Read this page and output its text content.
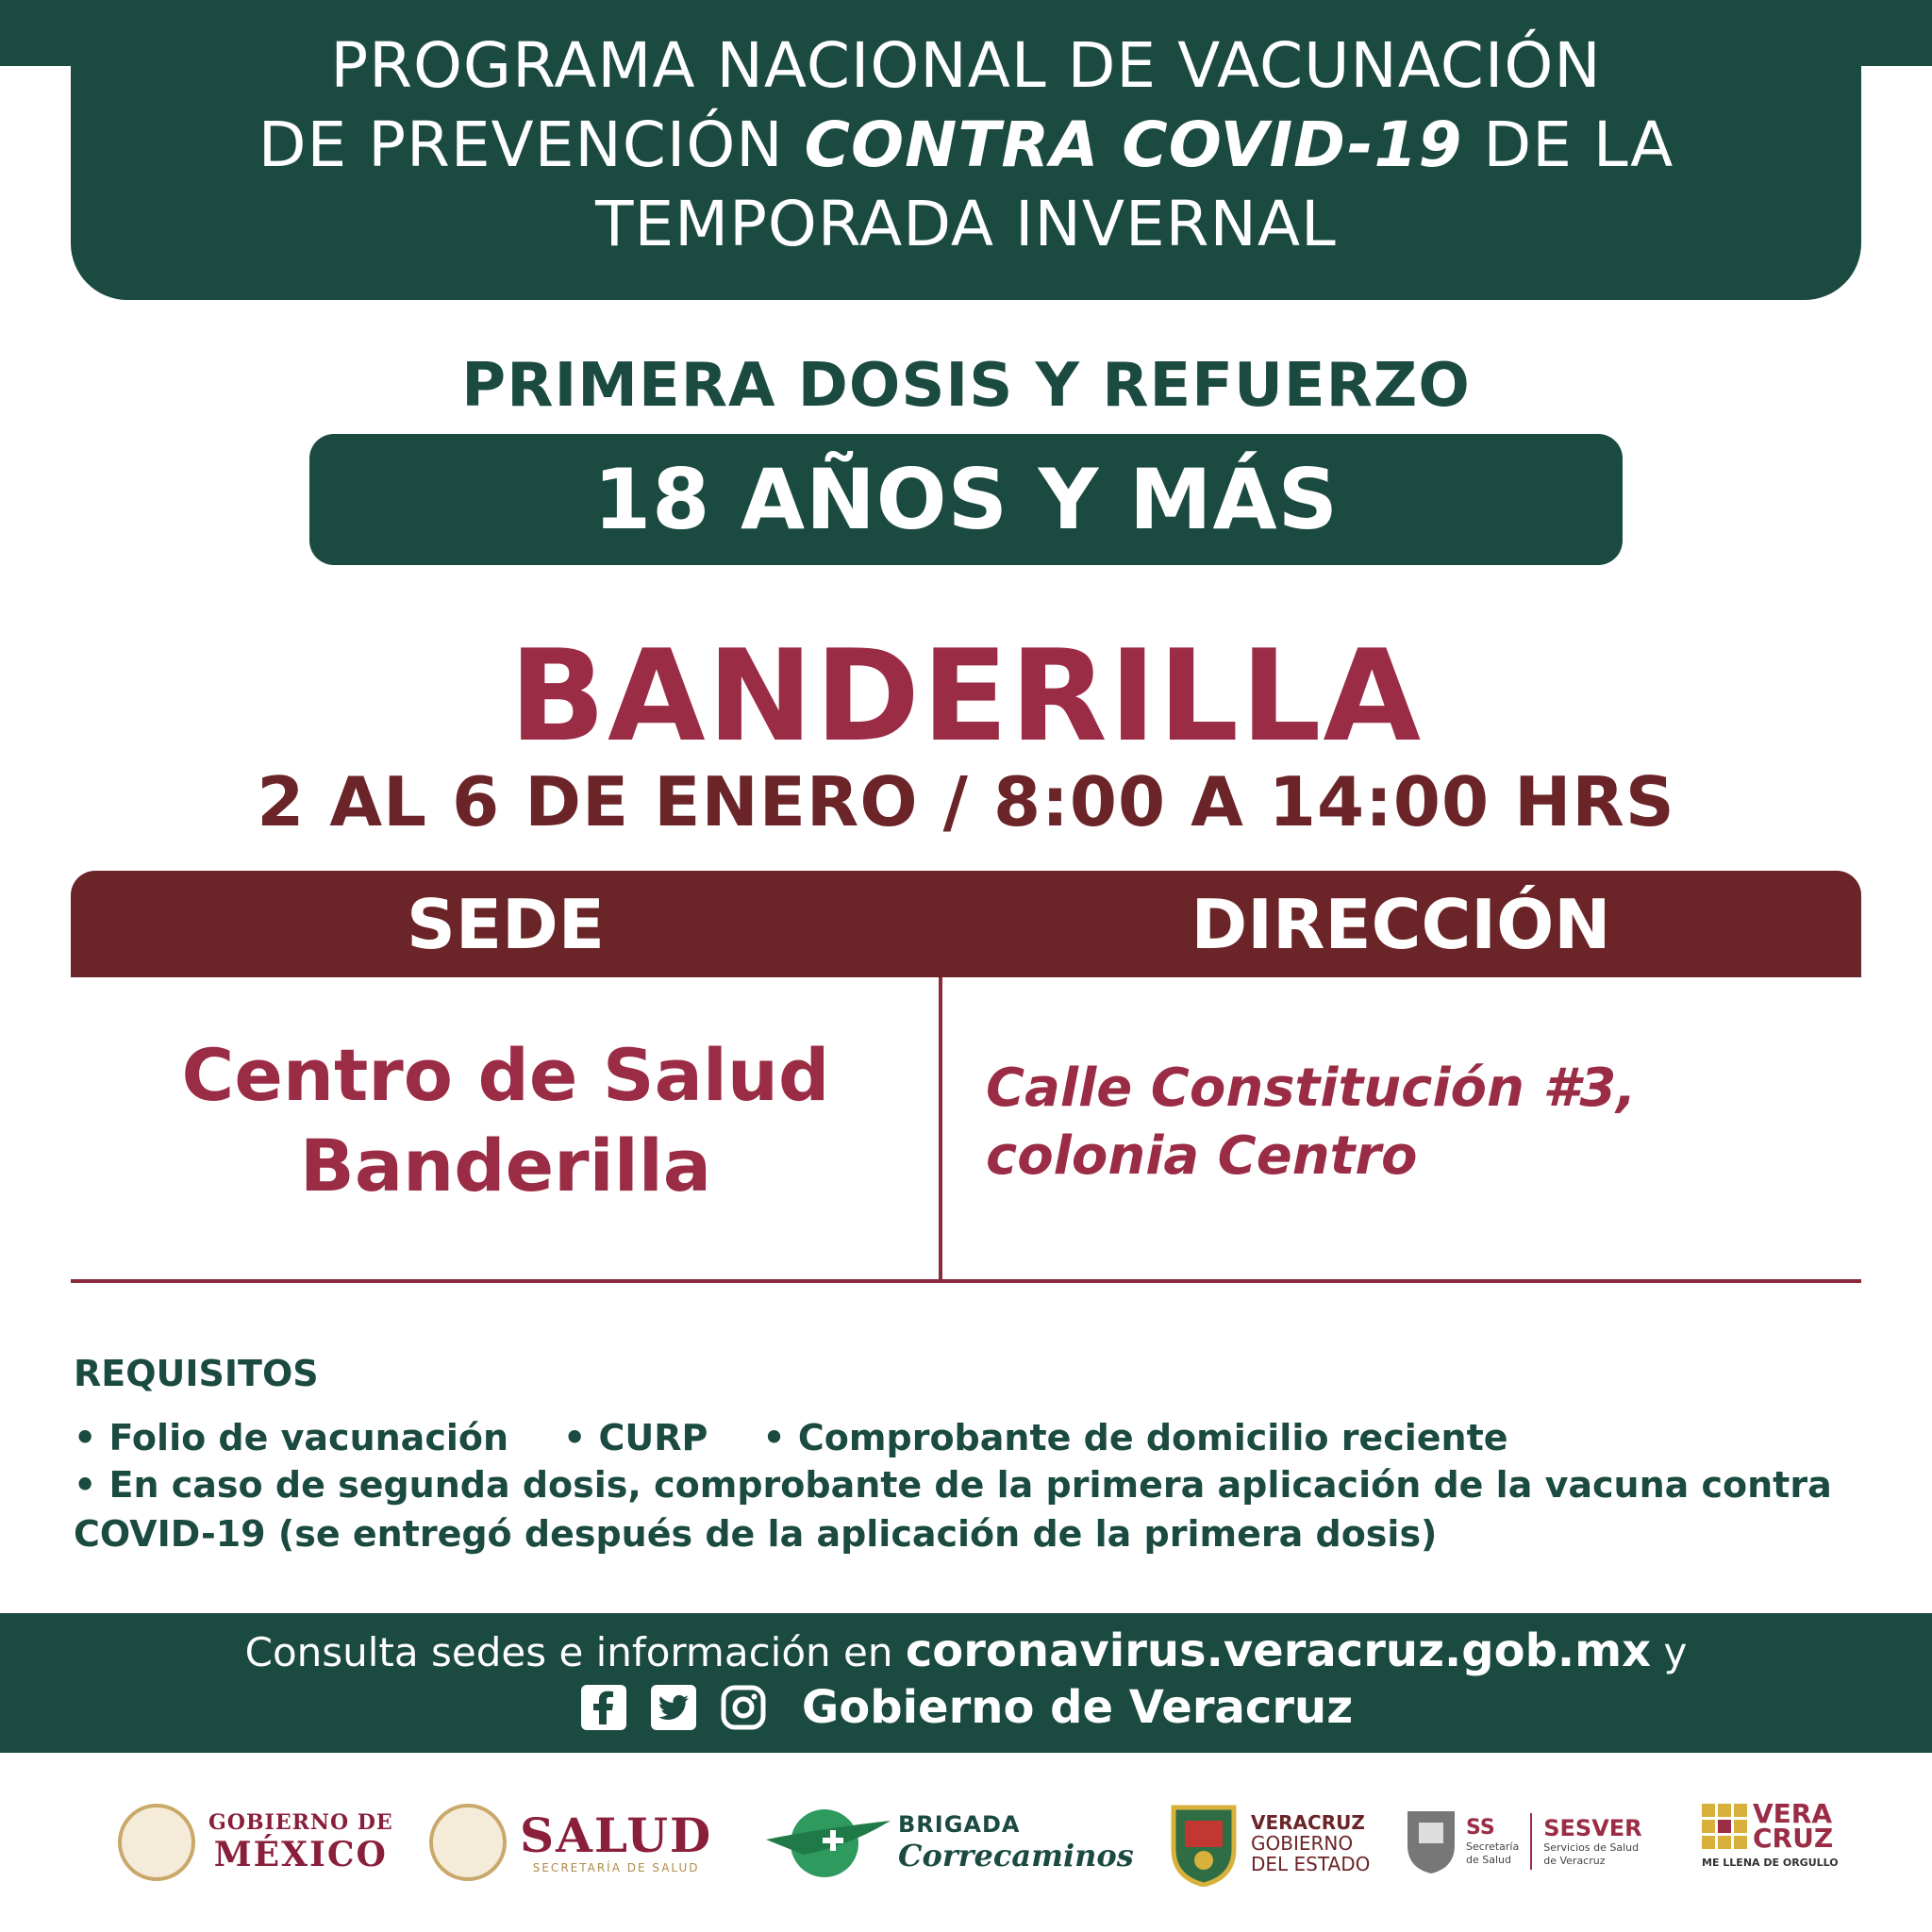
PROGRAMA NACIONAL DE VACUNACIÓN
DE PREVENCIÓN CONTRA COVID-19 DE LA
TEMPORADA INVERNAL
PRIMERA DOSIS Y REFUERZO
18 AÑOS Y MÁS
BANDERILLA
2 AL 6 DE ENERO / 8:00 A 14:00 HRS
SEDE	DIRECCIÓN
Centro de Salud
Banderilla
Calle Constitución #3,
colonia Centro
REQUISITOS
• Folio de vacunación • CURP • Comprobante de domicilio reciente
• En caso de segunda dosis, comprobante de la primera aplicación de la vacuna contra COVID-19 (se entregó después de la aplicación de la primera dosis)
Consulta sedes e información en coronavirus.veracruz.gob.mx y
Gobierno de Veracruz
GOBIERNO DE
MÉXICO	SALUD
SECRETARÍA DE SALUD
BRIGADA
Correcaminos
VERACRUZ
GOBIERNO
DEL ESTADO
SS
Secretaría
de Salud
SESVER
Servicios de Salud
de Veracruz
VERA
CRUZ
ME LLENA DE ORGULLO
